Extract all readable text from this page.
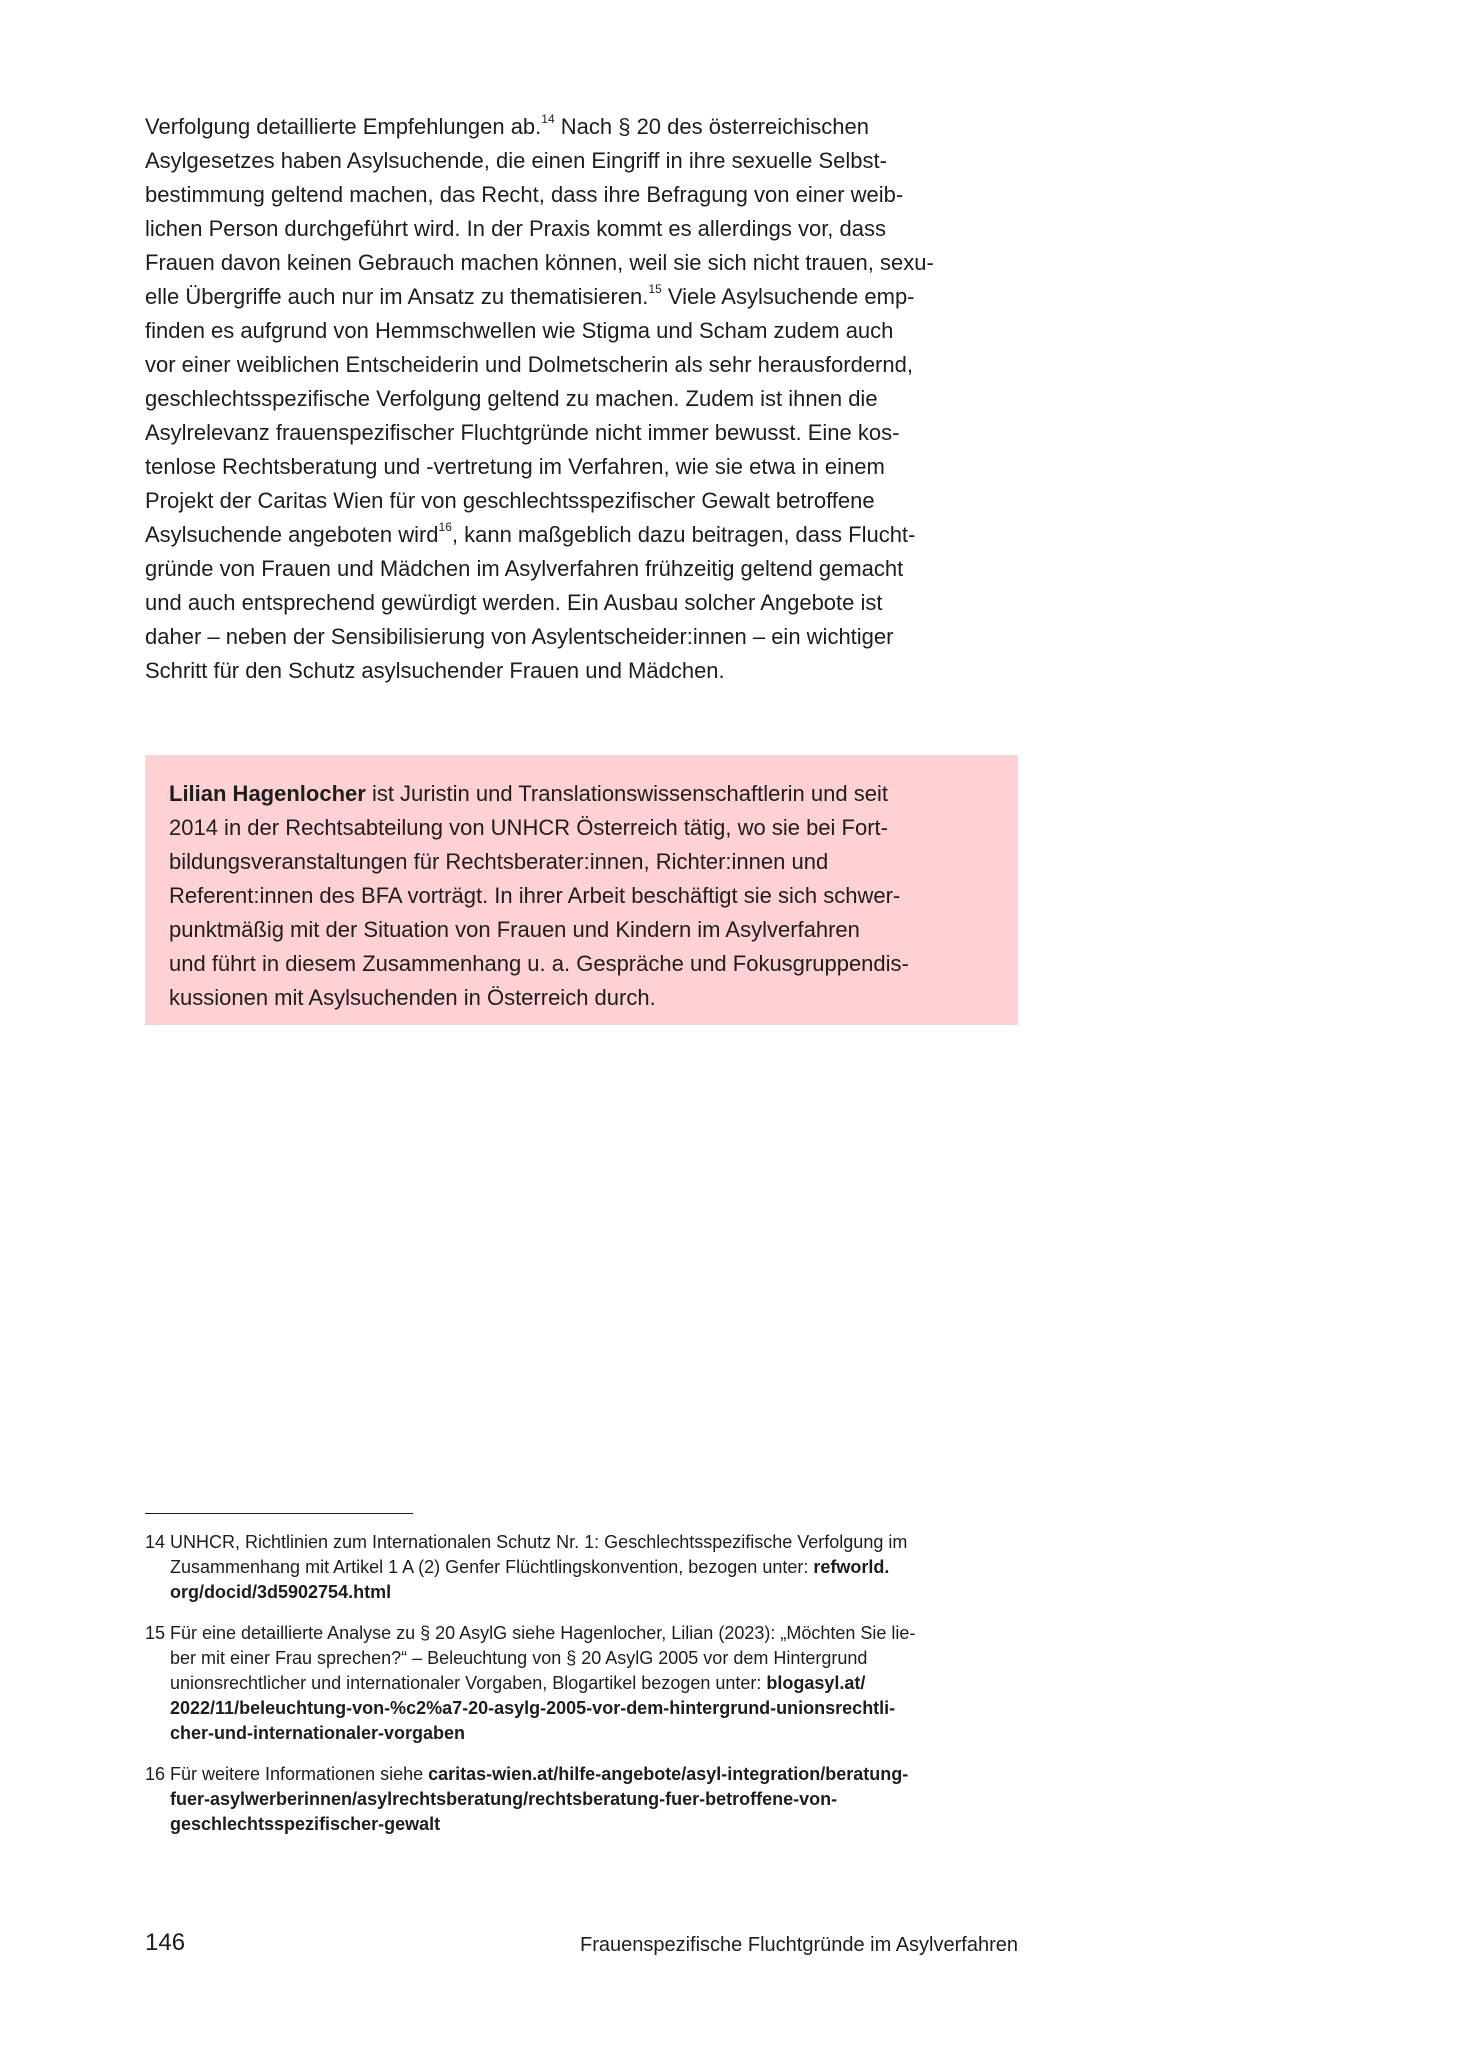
Verfolgung detaillierte Empfehlungen ab.$^{14}$ Nach § 20 des österreichischen
Asylgesetzes haben Asylsuchende, die einen Eingriff in ihre sexuelle Selbst-
bestimmung geltend machen, das Recht, dass ihre Befragung von einer weib-
lichen Person durchgeführt wird. In der Praxis kommt es allerdings vor, dass
Frauen davon keinen Gebrauch machen können, weil sie sich nicht trauen, sexu-
elle Übergriffe auch nur im Ansatz zu thematisieren.$^{15}$ Viele Asylsuchende emp-
finden es aufgrund von Hemmschwellen wie Stigma und Scham zudem auch
vor einer weiblichen Entscheiderin und Dolmetscherin als sehr herausfordernd,
geschlechtsspezifische Verfolgung geltend zu machen. Zudem ist ihnen die
Asylrelevanz frauenspezifischer Fluchtgründe nicht immer bewusst. Eine kos-
tenlose Rechtsberatung und -vertretung im Verfahren, wie sie etwa in einem
Projekt der Caritas Wien für von geschlechtsspezifischer Gewalt betroffene
Asylsuchende angeboten wird$^{16}$, kann maßgeblich dazu beitragen, dass Flucht-
gründe von Frauen und Mädchen im Asylverfahren frühzeitig geltend gemacht
und auch entsprechend gewürdigt werden. Ein Ausbau solcher Angebote ist
daher – neben der Sensibilisierung von Asylentscheider:innen – ein wichtiger
Schritt für den Schutz asylsuchender Frauen und Mädchen.
Lilian Hagenlocher ist Juristin und Translationswissenschaftlerin und seit
2014 in der Rechtsabteilung von UNHCR Österreich tätig, wo sie bei Fort-
bildungsveranstaltungen für Rechtsberater:innen, Richter:innen und
Referent:innen des BFA vorträgt. In ihrer Arbeit beschäftigt sie sich schwer-
punktmäßig mit der Situation von Frauen und Kindern im Asylverfahren
und führt in diesem Zusammenhang u. a. Gespräche und Fokusgruppendis-
kussionen mit Asylsuchenden in Österreich durch.
14 UNHCR, Richtlinien zum Internationalen Schutz Nr. 1: Geschlechtsspezifische Verfolgung im
Zusammenhang mit Artikel 1 A (2) Genfer Flüchtlingskonvention, bezogen unter: refworld.
org/docid/3d5902754.html
15 Für eine detaillierte Analyse zu § 20 AsylG siehe Hagenlocher, Lilian (2023): „Möchten Sie lie-
ber mit einer Frau sprechen?“ – Beleuchtung von § 20 AsylG 2005 vor dem Hintergrund
unionsrechtlicher und internationaler Vorgaben, Blogartikel bezogen unter: blogasyl.at/
2022/11/beleuchtung-von-%c2%a7-20-asylg-2005-vor-dem-hintergrund-unionsrechtli-
cher-und-internationaler-vorgaben
16 Für weitere Informationen siehe caritas-wien.at/hilfe-angebote/asyl-integration/beratung-
fuer-asylwerberinnen/asylrechtsberatung/rechtsberatung-fuer-betroffene-von-
geschlechtsspezifischer-gewalt
146	Frauenspezifische Fluchtgründe im Asylverfahren
